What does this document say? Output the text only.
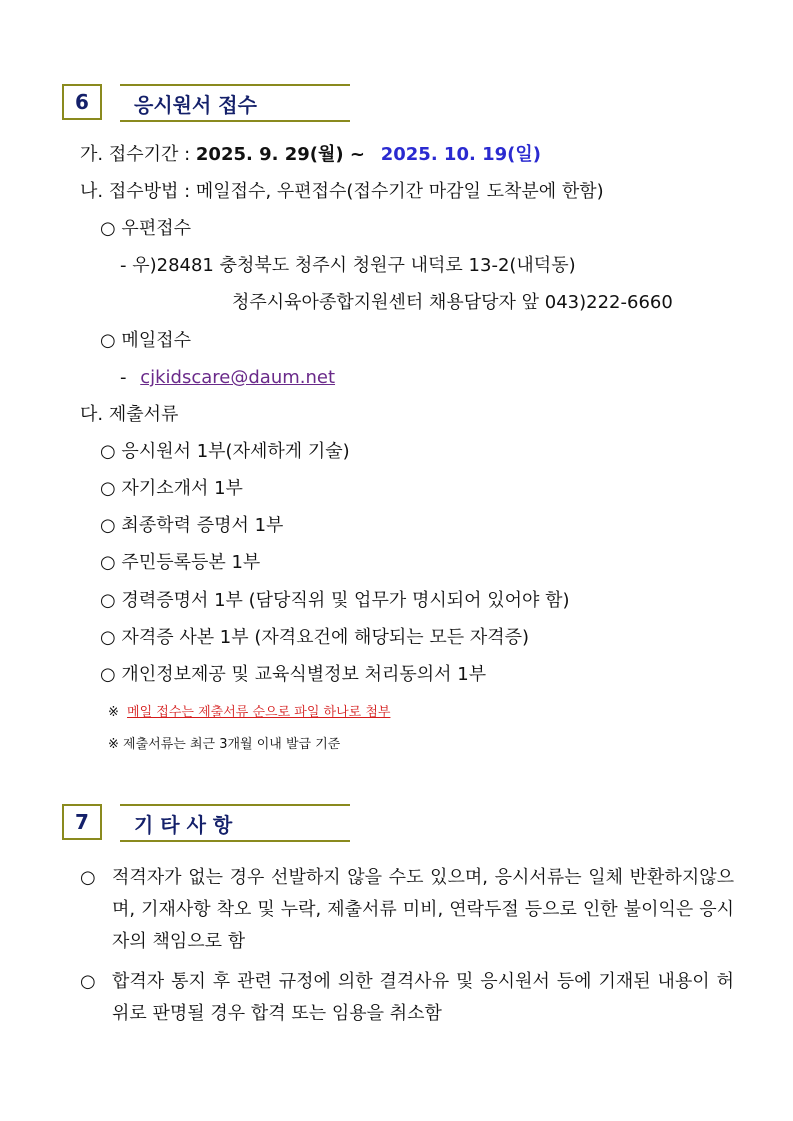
6	응시원서 접수
가. 접수기간 : 2025. 9. 29(월) ~ 2025. 10. 19(일)
나. 접수방법 : 메일접수, 우편접수(접수기간 마감일 도착분에 한함)
○ 우편접수
- 우)28481 충청북도 청주시 청원구 내덕로 13-2(내덕동)
청주시육아종합지원센터 채용담당자 앞 043)222-6660
○ 메일접수
- cjkidscare@daum.net
다. 제출서류
○ 응시원서 1부(자세하게 기술)
○ 자기소개서 1부
○ 최종학력 증명서 1부
○ 주민등록등본 1부
○ 경력증명서 1부 (담당직위 및 업무가 명시되어 있어야 함)
○ 자격증 사본 1부 (자격요건에 해당되는 모든 자격증)
○ 개인정보제공 및 교육식별정보 처리동의서 1부
※ 메일 접수는 제출서류 순으로 파일 하나로 첨부
※ 제출서류는 최근 3개월 이내 발급 기준
7	기 타 사 항
○ 적격자가 없는 경우 선발하지 않을 수도 있으며, 응시서류는 일체 반환하지않으며, 기재사항 착오 및 누락, 제출서류 미비, 연락두절 등으로 인한 불이익은 응시자의 책임으로 함
○ 합격자 통지 후 관련 규정에 의한 결격사유 및 응시원서 등에 기재된 내용이 허위로 판명될 경우 합격 또는 임용을 취소함
